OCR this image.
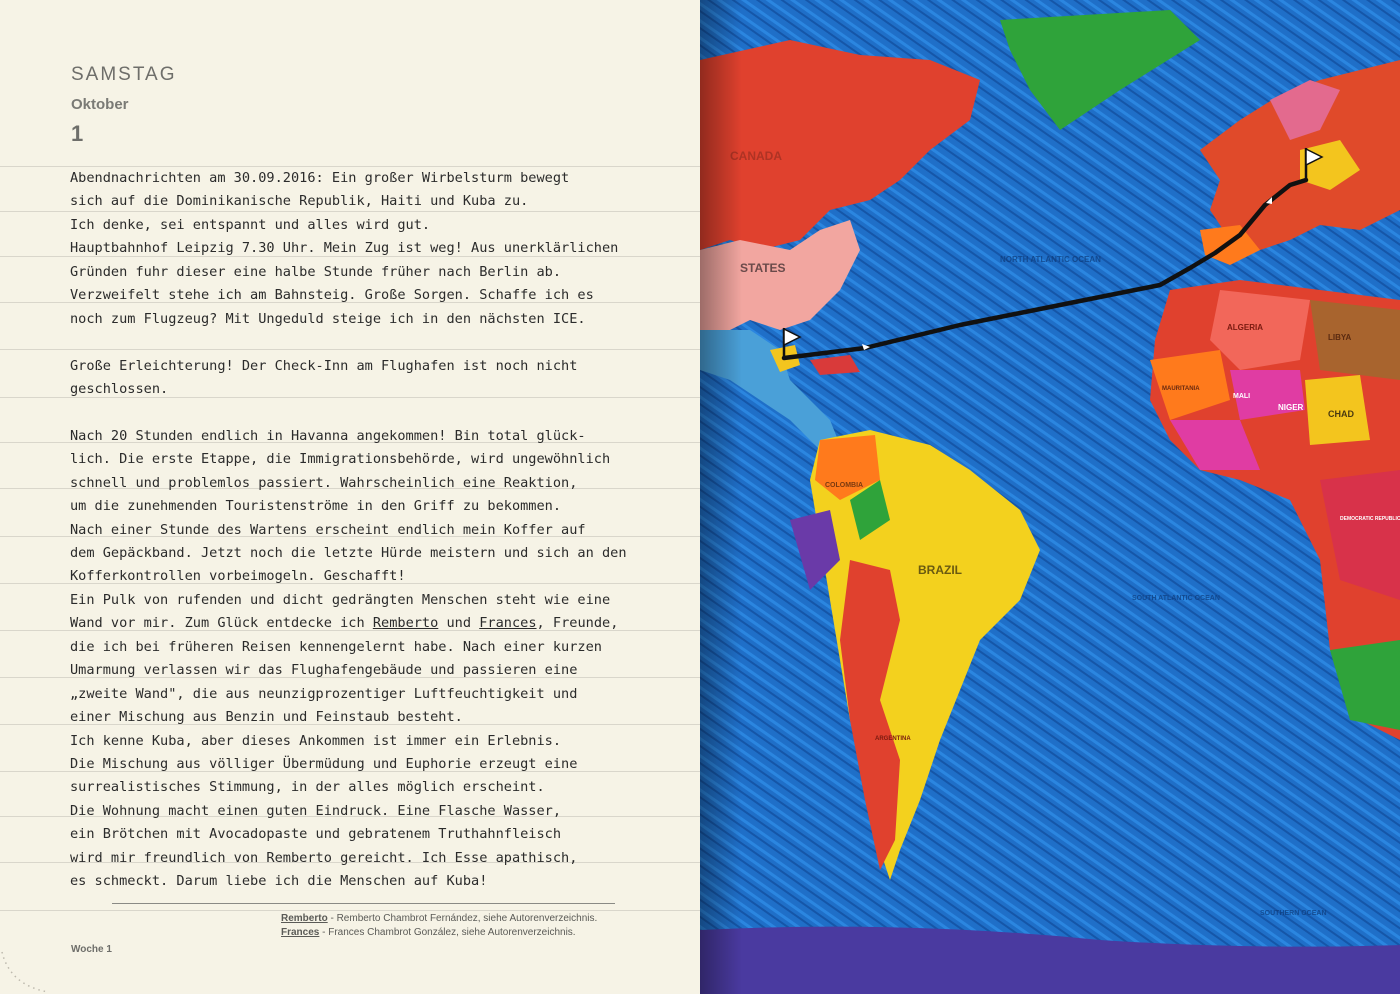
SAMSTAG
Oktober
1
Abendnachrichten am 30.09.2016: Ein großer Wirbelsturm bewegt
sich auf die Dominikanische Republik, Haiti und Kuba zu.
Ich denke, sei entspannt und alles wird gut.
Hauptbahnhof Leipzig 7.30 Uhr. Mein Zug ist weg! Aus unerklärlichen
Gründen fuhr dieser eine halbe Stunde früher nach Berlin ab.
Verzweifelt stehe ich am Bahnsteig. Große Sorgen. Schaffe ich es
noch zum Flugzeug? Mit Ungeduld steige ich in den nächsten ICE.
Große Erleichterung! Der Check-Inn am Flughafen ist noch nicht
geschlossen.
Nach 20 Stunden endlich in Havanna angekommen! Bin total glück-
lich. Die erste Etappe, die Immigrationsbehörde, wird ungewöhnlich
schnell und problemlos passiert. Wahrscheinlich eine Reaktion,
um die zunehmenden Touristenströme in den Griff zu bekommen.
Nach einer Stunde des Wartens erscheint endlich mein Koffer auf
dem Gepäckband. Jetzt noch die letzte Hürde meistern und sich an den
Kofferkontrollen vorbeimogeln. Geschafft!
Ein Pulk von rufenden und dicht gedrängten Menschen steht wie eine
Wand vor mir. Zum Glück entdecke ich Remberto und Frances, Freunde,
die ich bei früheren Reisen kennengelernt habe. Nach einer kurzen
Umarmung verlassen wir das Flughafengebäude und passieren eine
„zweite Wand", die aus neunzigprozentiger Luftfeuchtigkeit und
einer Mischung aus Benzin und Feinstaub besteht.
Ich kenne Kuba, aber dieses Ankommen ist immer ein Erlebnis.
Die Mischung aus völliger Übermüdung und Euphorie erzeugt eine
surrealistisches Stimmung, in der alles möglich erscheint.
Die Wohnung macht einen guten Eindruck. Eine Flasche Wasser,
ein Brötchen mit Avocadopaste und gebratenem Truthahnfleisch
wird mir freundlich von Remberto gereicht. Ich Esse apathisch,
es schmeckt. Darum liebe ich die Menschen auf Kuba!
Remberto - Remberto Chambrot Fernández, siehe Autorenverzeichnis.
Frances - Frances Chambrot González, siehe Autorenverzeichnis.
Woche 1
